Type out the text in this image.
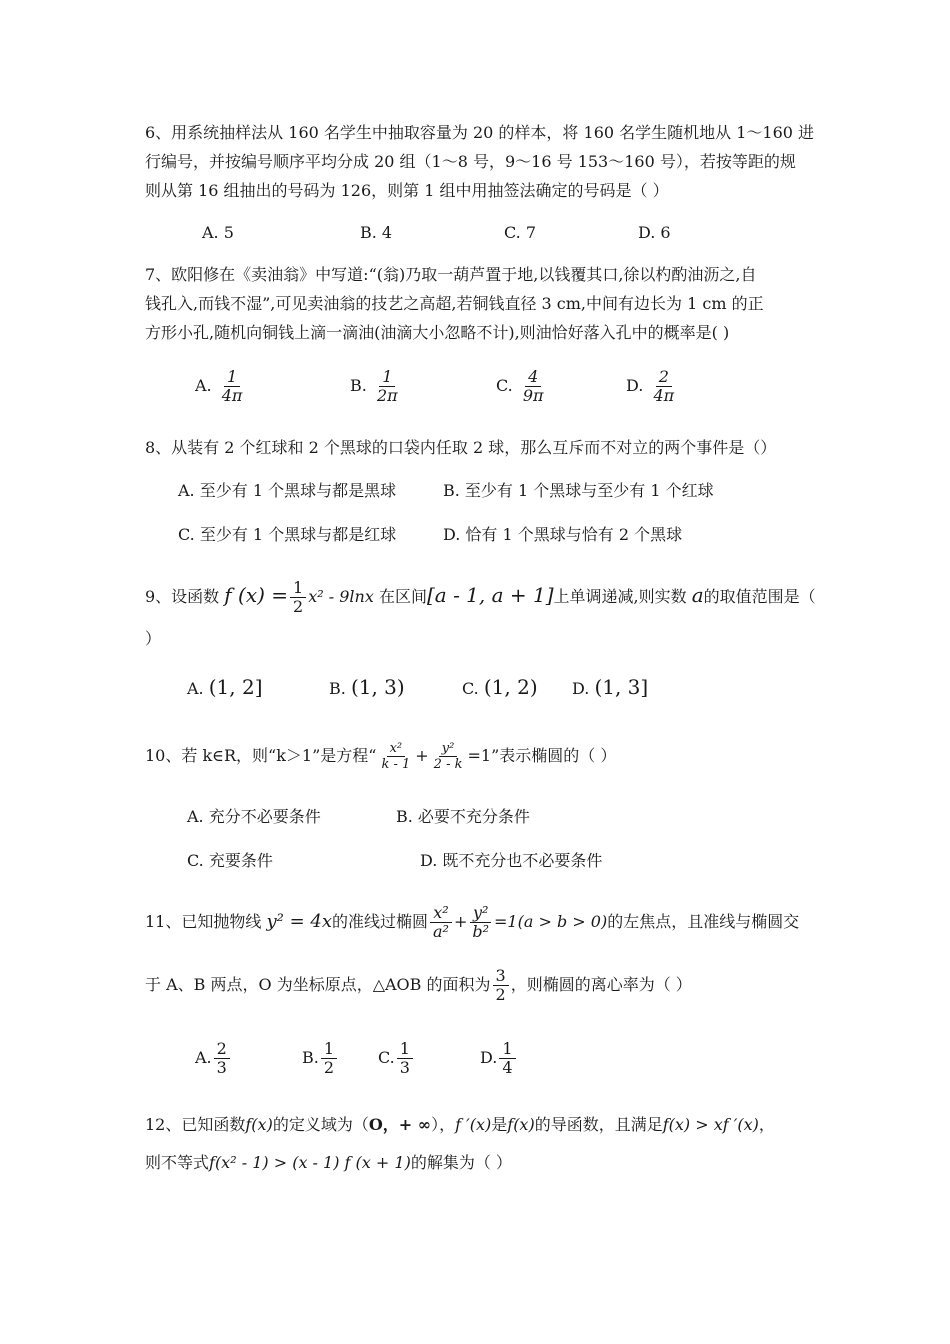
6、用系统抽样法从 160 名学生中抽取容量为 20 的样本，将 160 名学生随机地从 1～160 进
行编号，并按编号顺序平均分成 20 组（1～8 号，9～16 号 153～160 号），若按等距的规
则从第 16 组抽出的号码为 126，则第 1 组中用抽签法确定的号码是（ ）
A. 5	B. 4	C. 7	D. 6
7、欧阳修在《卖油翁》中写道:“(翁)乃取一葫芦置于地,以钱覆其口,徐以杓酌油沥之,自
钱孔入,而钱不湿”,可见卖油翁的技艺之高超,若铜钱直径 3 cm,中间有边长为 1 cm 的正
方形小孔,随机向铜钱上滴一滴油(油滴大小忽略不计),则油恰好落入孔中的概率是( )
A. $\frac{1}{4\pi}$	B. $\frac{1}{2\pi}$	C. $\frac{4}{9\pi}$	D. $\frac{2}{4\pi}$
8、从装有 2 个红球和 2 个黑球的口袋内任取 2 球，那么互斥而不对立的两个事件是（）
A. 至少有 1 个黑球与都是黑球	B. 至少有 1 个黑球与至少有 1 个红球
C. 至少有 1 个黑球与都是红球	D. 恰有 1 个黑球与恰有 2 个黑球
9、设函数 f $(x) = \frac{1}{2} x^2 - 9\ln x$ 在区间[a - 1, a + 1]上单调递减,则实数 a的取值范围是（
）
A. (1, 2]	B. (1, 3)	C. (1, 2) D. (1, 3]
10、若 k∈R，则“k＞1”是方程“ $\frac{\text{x²}}{k - 1} + \frac{\text{y²}}{2 - k} =1$”表示椭圆的（ ）
A. 充分不必要条件	B. 必要不充分条件
C. 充要条件	D. 既不充分也不必要条件
11、已知抛物线 y² = 4x的准线过椭圆 $\frac{\text{x²}}{\text{a²}} + \frac{\text{y²}}{\text{b²}} =1(a > b > 0)$的左焦点，且准线与椭圆交
于 A、B 两点，O 为坐标原点，△AOB 的面积为 $\frac{3}{2}$ ，则椭圆的离心率为（ ）
A. $\frac{2}{3}$	B. $\frac{1}{2}$	C. $\frac{1}{3}$	D. $\frac{1}{4}$
12、已知函数f(x)的定义域为（O，+ ∞），f ′(x)是f(x)的导函数，且满足f(x) > xf ′(x)，
则不等式f(x² - 1) > (x - 1) f (x + 1)的解集为（ ）
